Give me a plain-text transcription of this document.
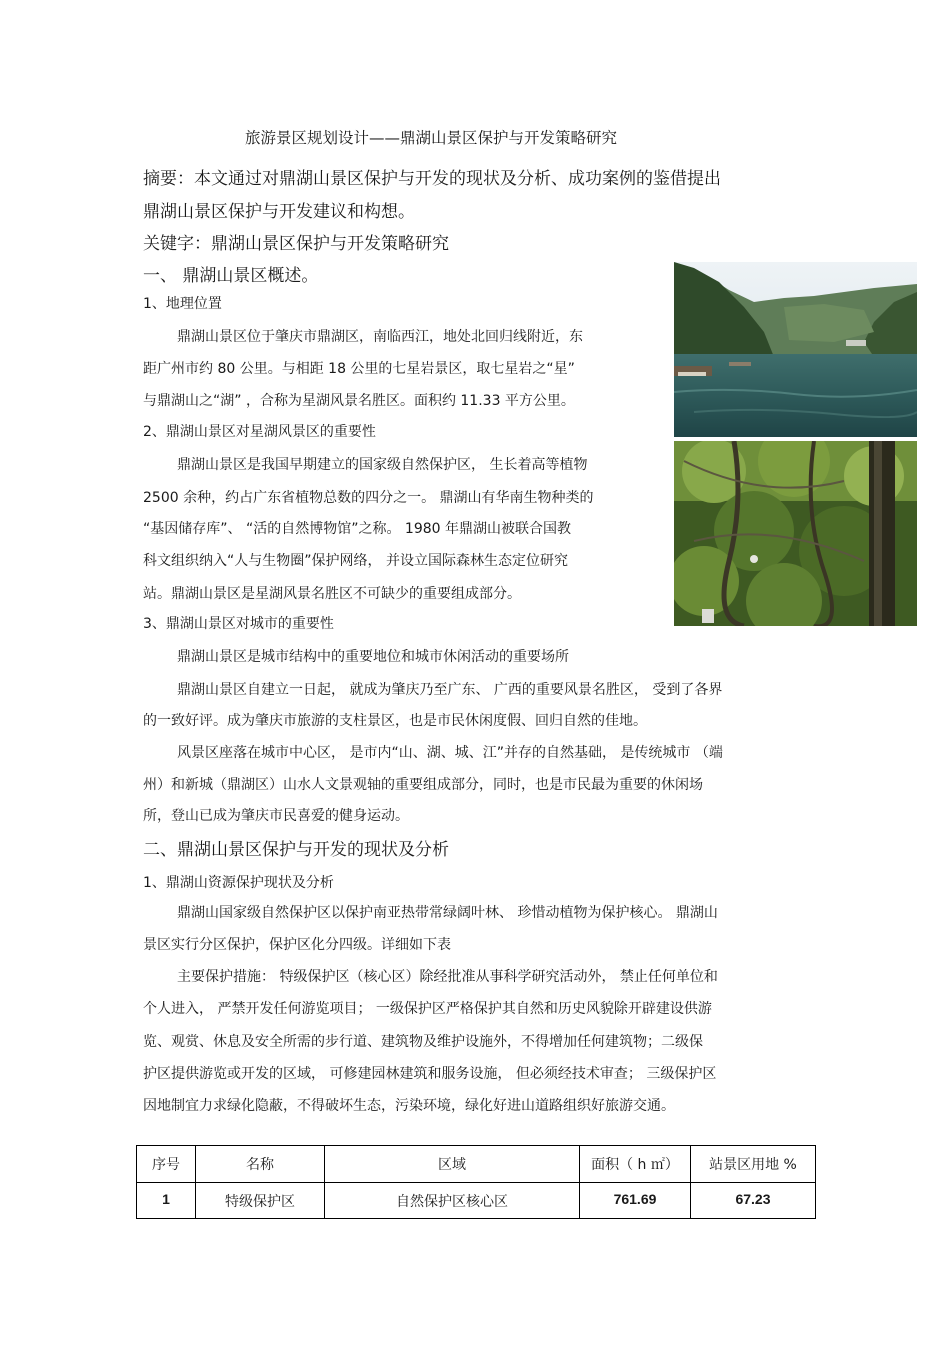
旅游景区规划设计——鼎湖山景区保护与开发策略研究
摘要：本文通过对鼎湖山景区保护与开发的现状及分析、成功案例的鉴借提出
鼎湖山景区保护与开发建议和构想。
关键字：鼎湖山景区保护与开发策略研究
一、 鼎湖山景区概述。
1、地理位置
鼎湖山景区位于肇庆市鼎湖区，南临西江，地处北回归线附近，东
距广州市约 80 公里。与相距 18 公里的七星岩景区，取七星岩之“星”
与鼎湖山之“湖” ，合称为星湖风景名胜区。面积约 11.33 平方公里。
2、鼎湖山景区对星湖风景区的重要性
鼎湖山景区是我国早期建立的国家级自然保护区， 生长着高等植物
2500 余种，约占广东省植物总数的四分之一。 鼎湖山有华南生物种类的
“基因储存库”、 “活的自然博物馆”之称。 1980 年鼎湖山被联合国教
科文组织纳入“人与生物圈”保护网络， 并设立国际森林生态定位研究
站。鼎湖山景区是星湖风景名胜区不可缺少的重要组成部分。
3、鼎湖山景区对城市的重要性
鼎湖山景区是城市结构中的重要地位和城市休闲活动的重要场所
鼎湖山景区自建立一日起， 就成为肇庆乃至广东、 广西的重要风景名胜区， 受到了各界
的一致好评。成为肇庆市旅游的支柱景区，也是市民休闲度假、回归自然的佳地。
风景区座落在城市中心区， 是市内“山、湖、城、江”并存的自然基础， 是传统城市 （端
州）和新城（鼎湖区）山水人文景观轴的重要组成部分，同时，也是市民最为重要的休闲场
所，登山已成为肇庆市民喜爱的健身运动。
二、鼎湖山景区保护与开发的现状及分析
1、鼎湖山资源保护现状及分析
鼎湖山国家级自然保护区以保护南亚热带常绿阔叶林、 珍惜动植物为保护核心。 鼎湖山
景区实行分区保护，保护区化分四级。详细如下表
主要保护措施： 特级保护区（核心区）除经批准从事科学研究活动外， 禁止任何单位和
个人进入， 严禁开发任何游览项目； 一级保护区严格保护其自然和历史风貌除开辟建设供游
览、观赏、休息及安全所需的步行道、建筑物及维护设施外，不得增加任何建筑物；二级保
护区提供游览或开发的区域， 可修建园林建筑和服务设施， 但必须经技术审查； 三级保护区
因地制宜力求绿化隐蔽，不得破坏生态，污染环境，绿化好进山道路组织好旅游交通。
序号	名称	区域	面积（ h ㎡）	站景区用地 %
1	特级保护区	自然保护区核心区	761.69	67.23
